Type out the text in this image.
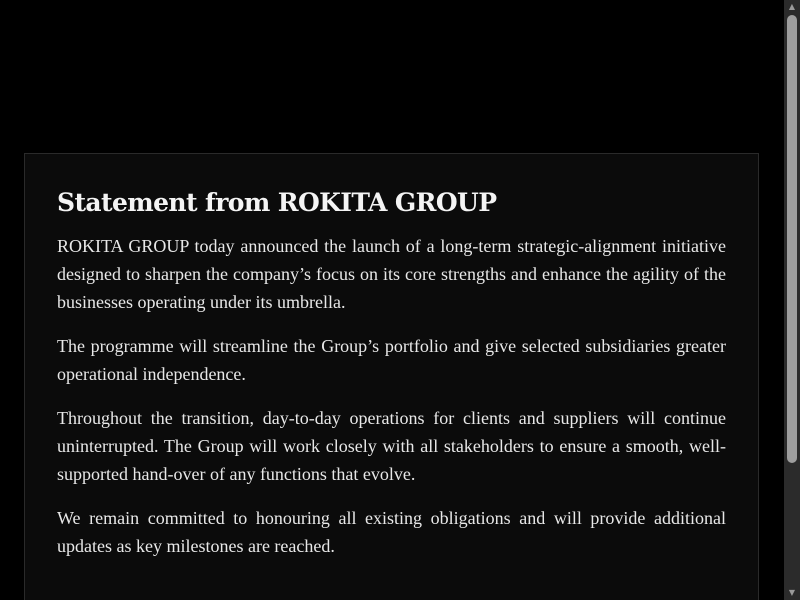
Statement from ROKITA GROUP

ROKITA GROUP today announced the launch of a long-term strategic-alignment initiative designed to sharpen the company’s focus on its core strengths and enhance the agility of the businesses operating under its umbrella.

The programme will streamline the Group’s portfolio and give selected subsidiaries greater operational independence.

Throughout the transition, day-to-day operations for clients and suppliers will continue uninterrupted. The Group will work closely with all stakeholders to ensure a smooth, well-supported hand-over of any functions that evolve.

We remain committed to honouring all existing obligations and will provide additional updates as key milestones are reached.

▲
▼
